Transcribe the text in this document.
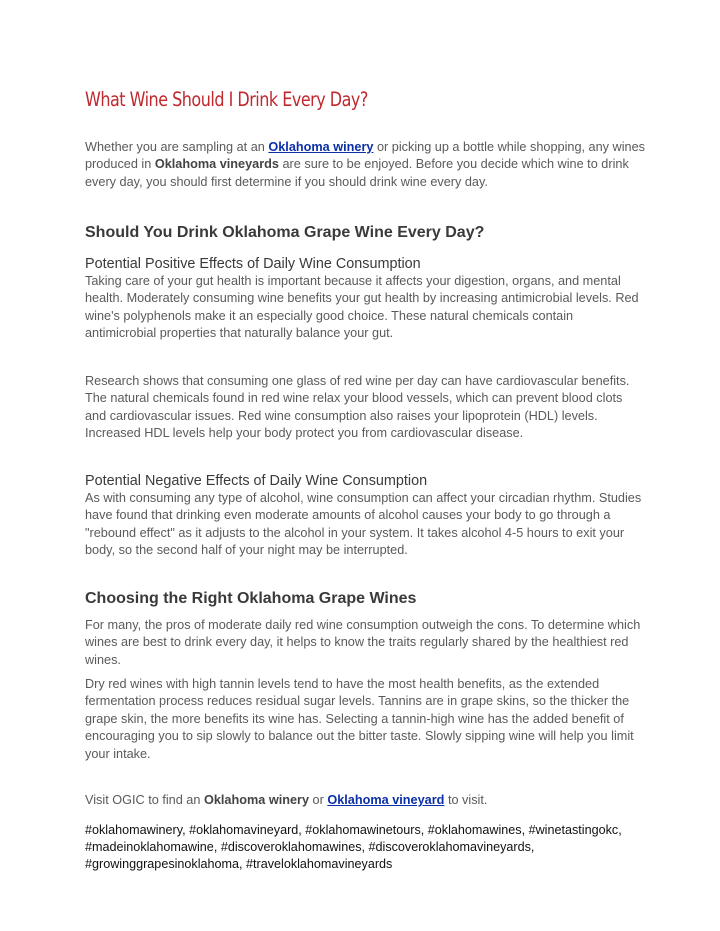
What Wine Should I Drink Every Day?

Whether you are sampling at an Oklahoma winery or picking up a bottle while shopping, any wines produced in Oklahoma vineyards are sure to be enjoyed. Before you decide which wine to drink every day, you should first determine if you should drink wine every day.

Should You Drink Oklahoma Grape Wine Every Day?
Potential Positive Effects of Daily Wine Consumption

Taking care of your gut health is important because it affects your digestion, organs, and mental health. Moderately consuming wine benefits your gut health by increasing antimicrobial levels. Red wine's polyphenols make it an especially good choice. These natural chemicals contain antimicrobial properties that naturally balance your gut.

Research shows that consuming one glass of red wine per day can have cardiovascular benefits. The natural chemicals found in red wine relax your blood vessels, which can prevent blood clots and cardiovascular issues. Red wine consumption also raises your lipoprotein (HDL) levels. Increased HDL levels help your body protect you from cardiovascular disease.

Potential Negative Effects of Daily Wine Consumption

As with consuming any type of alcohol, wine consumption can affect your circadian rhythm. Studies have found that drinking even moderate amounts of alcohol causes your body to go through a "rebound effect" as it adjusts to the alcohol in your system. It takes alcohol 4-5 hours to exit your body, so the second half of your night may be interrupted.

Choosing the Right Oklahoma Grape Wines

For many, the pros of moderate daily red wine consumption outweigh the cons. To determine which wines are best to drink every day, it helps to know the traits regularly shared by the healthiest red wines.

Dry red wines with high tannin levels tend to have the most health benefits, as the extended fermentation process reduces residual sugar levels. Tannins are in grape skins, so the thicker the grape skin, the more benefits its wine has. Selecting a tannin-high wine has the added benefit of encouraging you to sip slowly to balance out the bitter taste. Slowly sipping wine will help you limit your intake.

Visit OGIC to find an Oklahoma winery or Oklahoma vineyard to visit.

#oklahomawinery, #oklahomavineyard, #oklahomawinetours, #oklahomawines, #winetastingokc,
#madeinoklahomawine, #discoveroklahomawines, #discoveroklahomavineyards,
#growinggrapesinoklahoma, #traveloklahomavineyards
